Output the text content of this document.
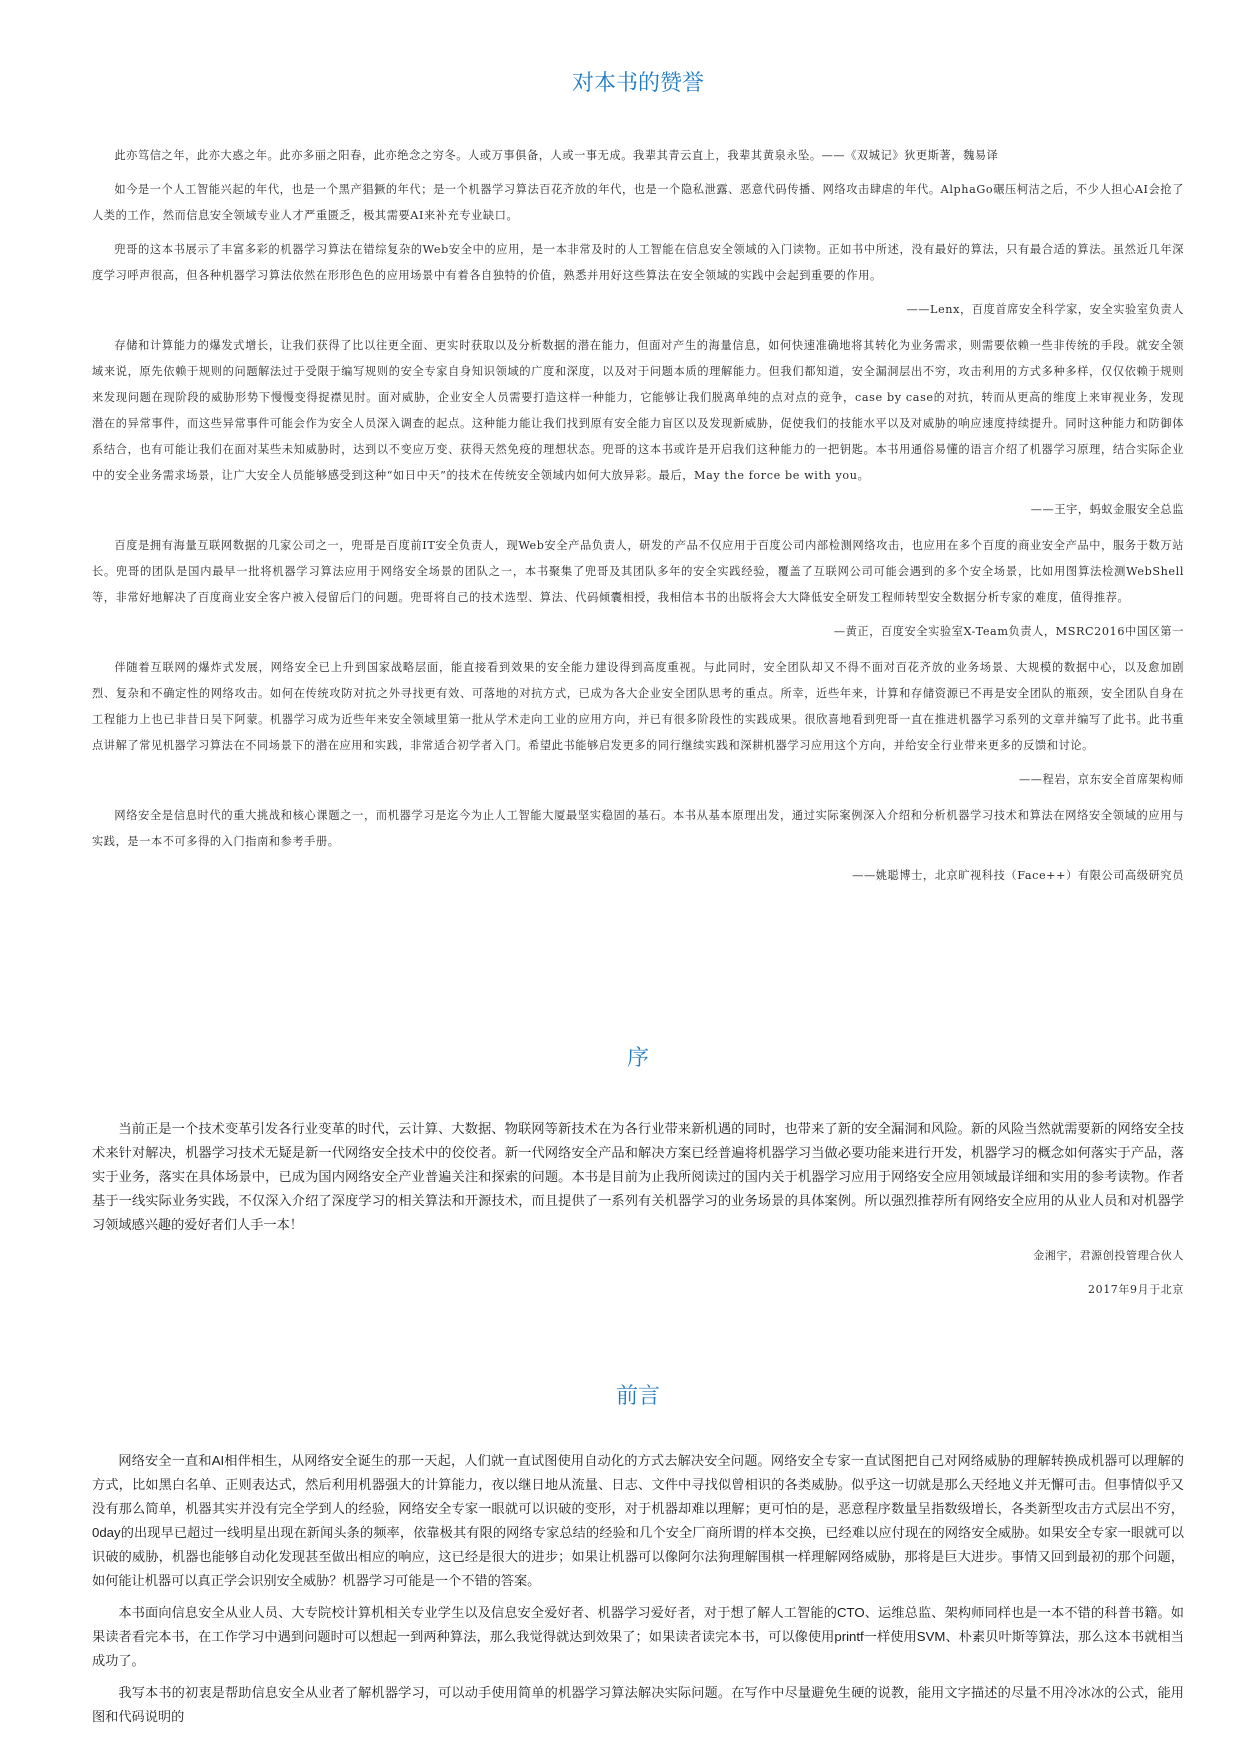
对本书的赞誉

此亦笃信之年，此亦大惑之年。此亦多丽之阳春，此亦绝念之穷冬。人或万事俱备，人或一事无成。我辈其青云直上，我辈其黄泉永坠。——《双城记》狄更斯著，魏易译

如今是一个人工智能兴起的年代，也是一个黑产猖獗的年代；是一个机器学习算法百花齐放的年代，也是一个隐私泄露、恶意代码传播、网络攻击肆虐的年代。AlphaGo碾压柯洁之后，不少人担心AI会抢了人类的工作，然而信息安全领域专业人才严重匮乏，极其需要AI来补充专业缺口。

兜哥的这本书展示了丰富多彩的机器学习算法在错综复杂的Web安全中的应用，是一本非常及时的人工智能在信息安全领域的入门读物。正如书中所述，没有最好的算法，只有最合适的算法。虽然近几年深度学习呼声很高，但各种机器学习算法依然在形形色色的应用场景中有着各自独特的价值，熟悉并用好这些算法在安全领域的实践中会起到重要的作用。

——Lenx，百度首席安全科学家，安全实验室负责人

存储和计算能力的爆发式增长，让我们获得了比以往更全面、更实时获取以及分析数据的潜在能力，但面对产生的海量信息，如何快速准确地将其转化为业务需求，则需要依赖一些非传统的手段。就安全领域来说，原先依赖于规则的问题解法过于受限于编写规则的安全专家自身知识领域的广度和深度，以及对于问题本质的理解能力。但我们都知道，安全漏洞层出不穷，攻击利用的方式多种多样，仅仅依赖于规则来发现问题在现阶段的威胁形势下慢慢变得捉襟见肘。面对威胁，企业安全人员需要打造这样一种能力，它能够让我们脱离单纯的点对点的竞争，case by case的对抗，转而从更高的维度上来审视业务，发现潜在的异常事件，而这些异常事件可能会作为安全人员深入调查的起点。这种能力能让我们找到原有安全能力盲区以及发现新威胁，促使我们的技能水平以及对威胁的响应速度持续提升。同时这种能力和防御体系结合，也有可能让我们在面对某些未知威胁时，达到以不变应万变、获得天然免疫的理想状态。兜哥的这本书或许是开启我们这种能力的一把钥匙。本书用通俗易懂的语言介绍了机器学习原理，结合实际企业中的安全业务需求场景，让广大安全人员能够感受到这种“如日中天”的技术在传统安全领域内如何大放异彩。最后，May the force be with you。

——王宇，蚂蚁金服安全总监

百度是拥有海量互联网数据的几家公司之一，兜哥是百度前IT安全负责人，现Web安全产品负责人，研发的产品不仅应用于百度公司内部检测网络攻击，也应用在多个百度的商业安全产品中，服务于数万站长。兜哥的团队是国内最早一批将机器学习算法应用于网络安全场景的团队之一，本书聚集了兜哥及其团队多年的安全实践经验，覆盖了互联网公司可能会遇到的多个安全场景，比如用图算法检测WebShell等，非常好地解决了百度商业安全客户被入侵留后门的问题。兜哥将自己的技术选型、算法、代码倾囊相授，我相信本书的出版将会大大降低安全研发工程师转型安全数据分析专家的难度，值得推荐。

—黄正，百度安全实验室X-Team负责人，MSRC2016中国区第一

伴随着互联网的爆炸式发展，网络安全已上升到国家战略层面，能直接看到效果的安全能力建设得到高度重视。与此同时，安全团队却又不得不面对百花齐放的业务场景、大规模的数据中心，以及愈加剧烈、复杂和不确定性的网络攻击。如何在传统攻防对抗之外寻找更有效、可落地的对抗方式，已成为各大企业安全团队思考的重点。所幸，近些年来，计算和存储资源已不再是安全团队的瓶颈，安全团队自身在工程能力上也已非昔日吴下阿蒙。机器学习成为近些年来安全领域里第一批从学术走向工业的应用方向，并已有很多阶段性的实践成果。很欣喜地看到兜哥一直在推进机器学习系列的文章并编写了此书。此书重点讲解了常见机器学习算法在不同场景下的潜在应用和实践，非常适合初学者入门。希望此书能够启发更多的同行继续实践和深耕机器学习应用这个方向，并给安全行业带来更多的反馈和讨论。

——程岩，京东安全首席架构师

网络安全是信息时代的重大挑战和核心课题之一，而机器学习是迄今为止人工智能大厦最坚实稳固的基石。本书从基本原理出发，通过实际案例深入介绍和分析机器学习技术和算法在网络安全领域的应用与实践，是一本不可多得的入门指南和参考手册。

——姚聪博士，北京旷视科技（Face++）有限公司高级研究员

序

当前正是一个技术变革引发各行业变革的时代，云计算、大数据、物联网等新技术在为各行业带来新机遇的同时，也带来了新的安全漏洞和风险。新的风险当然就需要新的网络安全技术来针对解决，机器学习技术无疑是新一代网络安全技术中的佼佼者。新一代网络安全产品和解决方案已经普遍将机器学习当做必要功能来进行开发，机器学习的概念如何落实于产品，落实于业务，落实在具体场景中，已成为国内网络安全产业普遍关注和探索的问题。本书是目前为止我所阅读过的国内关于机器学习应用于网络安全应用领域最详细和实用的参考读物。作者基于一线实际业务实践，不仅深入介绍了深度学习的相关算法和开源技术，而且提供了一系列有关机器学习的业务场景的具体案例。所以强烈推荐所有网络安全应用的从业人员和对机器学习领域感兴趣的爱好者们人手一本！

金湘宇，君源创投管理合伙人

2017年9月于北京

前言

网络安全一直和AI相伴相生，从网络安全诞生的那一天起，人们就一直试图使用自动化的方式去解决安全问题。网络安全专家一直试图把自己对网络威胁的理解转换成机器可以理解的方式，比如黑白名单、正则表达式，然后利用机器强大的计算能力，夜以继日地从流量、日志、文件中寻找似曾相识的各类威胁。似乎这一切就是那么天经地义并无懈可击。但事情似乎又没有那么简单，机器其实并没有完全学到人的经验，网络安全专家一眼就可以识破的变形，对于机器却难以理解；更可怕的是，恶意程序数量呈指数级增长，各类新型攻击方式层出不穷，0day的出现早已超过一线明星出现在新闻头条的频率，依靠极其有限的网络专家总结的经验和几个安全厂商所谓的样本交换，已经难以应付现在的网络安全威胁。如果安全专家一眼就可以识破的威胁，机器也能够自动化发现甚至做出相应的响应，这已经是很大的进步；如果让机器可以像阿尔法狗理解围棋一样理解网络威胁，那将是巨大进步。事情又回到最初的那个问题，如何能让机器可以真正学会识别安全威胁？机器学习可能是一个不错的答案。

本书面向信息安全从业人员、大专院校计算机相关专业学生以及信息安全爱好者、机器学习爱好者，对于想了解人工智能的CTO、运维总监、架构师同样也是一本不错的科普书籍。如果读者看完本书，在工作学习中遇到问题时可以想起一到两种算法，那么我觉得就达到效果了；如果读者读完本书，可以像使用printf一样使用SVM、朴素贝叶斯等算法，那么这本书就相当成功了。

我写本书的初衷是帮助信息安全从业者了解机器学习，可以动手使用简单的机器学习算法解决实际问题。在写作中尽量避免生硬的说教，能用文字描述的尽量不用冷冰冰的公式，能用图和代码说明的
